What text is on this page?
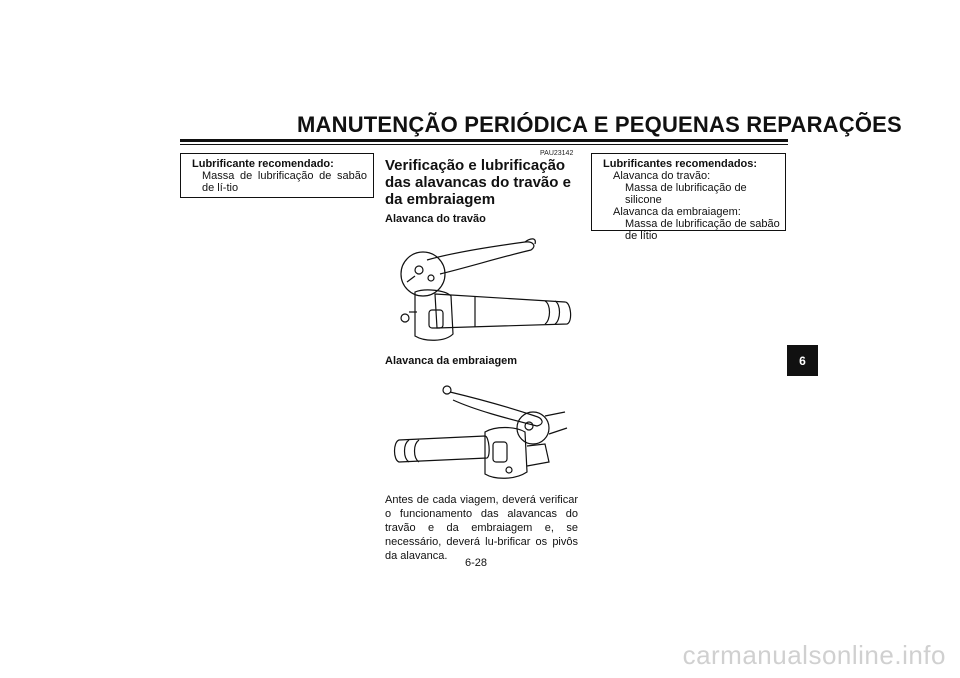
MANUTENÇÃO PERIÓDICA E PEQUENAS REPARAÇÕES
Lubrificante recomendado:
Massa de lubrificação de sabão de lí-tio
PAU23142
Verificação e lubrificação das alavancas do travão e da embraiagem
Alavanca do travão
Alavanca da embraiagem
Antes de cada viagem, deverá verificar o funcionamento das alavancas do travão e da embraiagem e, se necessário, deverá lu-brificar os pivôs da alavanca.
Lubrificantes recomendados:
Alavanca do travão:
Massa de lubrificação de silicone
Alavanca da embraiagem:
Massa de lubrificação de sabão de lítio
6-28
6
carmanualsonline.info
